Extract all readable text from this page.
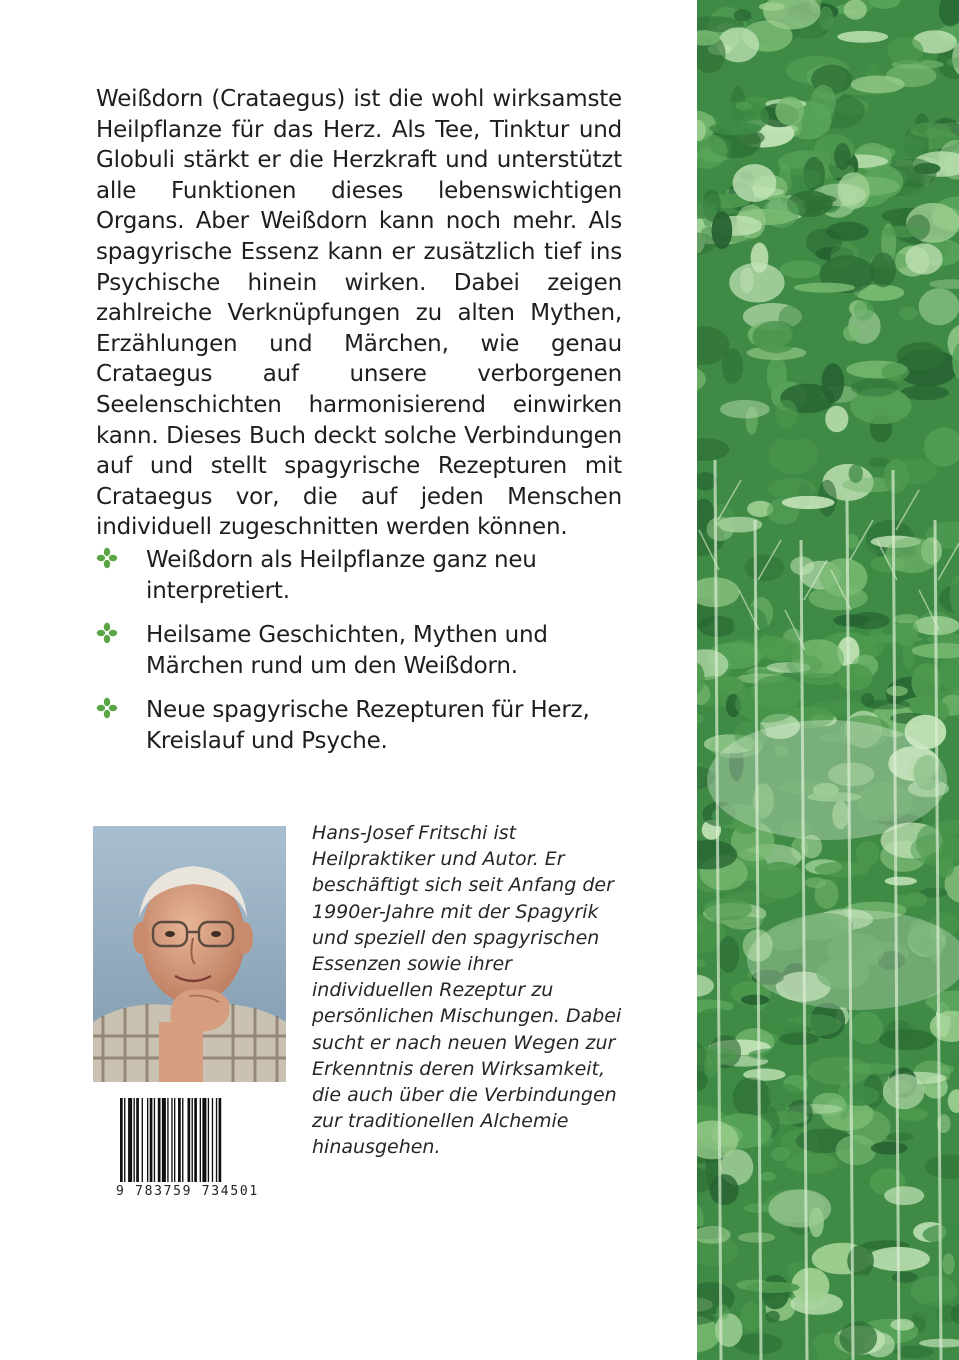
Weißdorn (Crataegus) ist die wohl wirksamste Heilpflanze für das Herz. Als Tee, Tinktur und Globuli stärkt er die Herzkraft und unterstützt alle Funktionen dieses lebenswichtigen Organs. Aber Weißdorn kann noch mehr. Als spagyrische Essenz kann er zusätzlich tief ins Psychische hinein wirken. Dabei zeigen zahlreiche Verknüpfungen zu alten Mythen, Erzählungen und Märchen, wie genau Crataegus auf unsere verborgenen Seelenschichten harmonisierend einwirken kann. Dieses Buch deckt solche Verbindungen auf und stellt spagyrische Rezepturen mit Crataegus vor, die auf jeden Menschen individuell zugeschnitten werden können.

Weißdorn als Heilpflanze ganz neu interpretiert.
Heilsame Geschichten, Mythen und Märchen rund um den Weißdorn.
Neue spagyrische Rezepturen für Herz, Kreislauf und Psyche.

Hans-Josef Fritschi ist Heilpraktiker und Autor. Er beschäftigt sich seit Anfang der 1990er-Jahre mit der Spagyrik und speziell den spagyrischen Essenzen sowie ihrer individuellen Rezeptur zu persönlichen Mischungen. Dabei sucht er nach neuen Wegen zur Erkenntnis deren Wirksamkeit, die auch über die Verbindungen zur traditionellen Alchemie hinausgehen.

9 783759 734501
